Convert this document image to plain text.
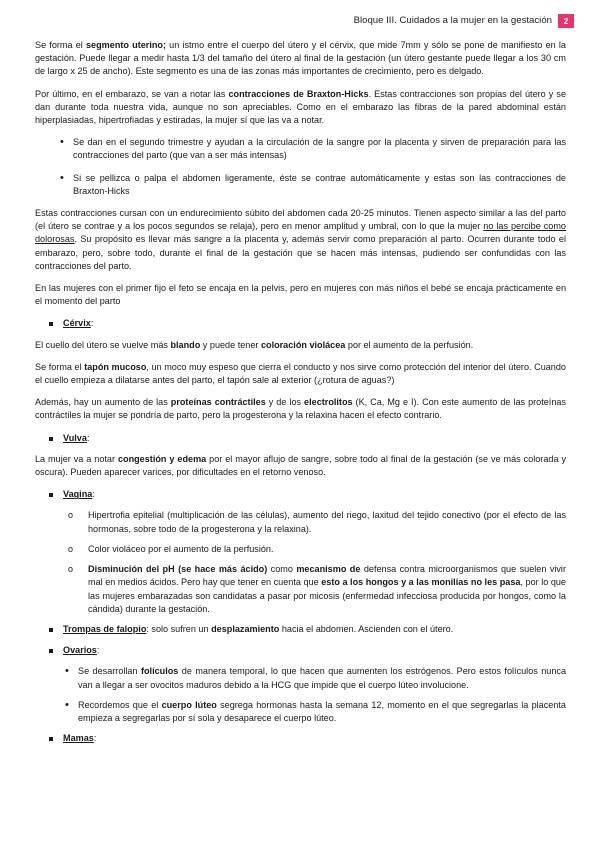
Bloque III. Cuidados a la mujer en la gestación	2

Se forma el segmento uterino; un istmo entre el cuerpo del útero y el cérvix, que mide 7mm y sólo se pone de manifiesto en la gestación. Puede llegar a medir hasta 1/3 del tamaño del útero al final de la gestación (un útero gestante puede llegar a los 30 cm de largo x 25 de ancho). Este segmento es una de las zonas más importantes de crecimiento, pero es delgado.

Por último, en el embarazo, se van a notar las contracciones de Braxton-Hicks. Estas contracciones son propias del útero y se dan durante toda nuestra vida, aunque no son apreciables. Como en el embarazo las fibras de la pared abdominal están hiperplasiadas, hipertrofiadas y estiradas, la mujer sí que las va a notar.

• Se dan en el segundo trimestre y ayudan a la circulación de la sangre por la placenta y sirven de preparación para las contracciones del parto (que van a ser más intensas)
• Si se pellizca o palpa el abdomen ligeramente, éste se contrae automáticamente y estas son las contracciones de Braxton-Hicks

Estas contracciones cursan con un endurecimiento súbito del abdomen cada 20-25 minutos. Tienen aspecto similar a las del parto (el útero se contrae y a los pocos segundos se relaja), pero en menor amplitud y umbral, con lo que la mujer no las percibe como dolorosas. Su propósito es llevar más sangre a la placenta y, además servir como preparación al parto. Ocurren durante todo el embarazo, pero, sobre todo, durante el final de la gestación que se hacen más intensas, pudiendo ser confundidas con las contracciones del parto.

En las mujeres con el primer fijo el feto se encaja en la pelvis, pero en mujeres con más niños el bebé se encaja prácticamente en el momento del parto

Cérvix:

El cuello del útero se vuelve más blando y puede tener coloración violácea por el aumento de la perfusión.

Se forma el tapón mucoso, un moco muy espeso que cierra el conducto y nos sirve como protección del interior del útero. Cuando el cuello empieza a dilatarse antes del parto, el tapón sale al exterior (¿rotura de aguas?)

Además, hay un aumento de las proteínas contráctiles y de los electrolitos (K, Ca, Mg e I). Con este aumento de las proteínas contráctiles la mujer se pondría de parto, pero la progesterona y la relaxina hacen el efecto contrario.

Vulva:

La mujer va a notar congestión y edema por el mayor aflujo de sangre, sobre todo al final de la gestación (se ve más colorada y oscura). Pueden aparecer varices, por dificultades en el retorno venoso.

Vagina:
o Hipertrofia epitelial (multiplicación de las células), aumento del riego, laxitud del tejido conectivo (por el efecto de las hormonas, sobre todo de la progesterona y la relaxina).
o Color violáceo por el aumento de la perfusión.
o Disminución del pH (se hace más ácido) como mecanismo de defensa contra microorganismos que suelen vivir mal en medios ácidos. Pero hay que tener en cuenta que esto a los hongos y a las monilias no les pasa, por lo que las mujeres embarazadas son candidatas a pasar por micosis (enfermedad infecciosa producida por hongos, como la cándida) durante la gestación.
Trompas de falopio: solo sufren un desplazamiento hacia el abdomen. Ascienden con el útero.
Ovarios:
• Se desarrollan folículos de manera temporal, lo que hacen que aumenten los estrógenos. Pero estos folículos nunca van a llegar a ser ovocitos maduros debido a la HCG que impide que el cuerpo lúteo involucione.
• Recordemos que el cuerpo lúteo segrega hormonas hasta la semana 12, momento en el que segregarlas la placenta empieza a segregarlas por sí sola y desaparece el cuerpo lúteo.
Mamas:
